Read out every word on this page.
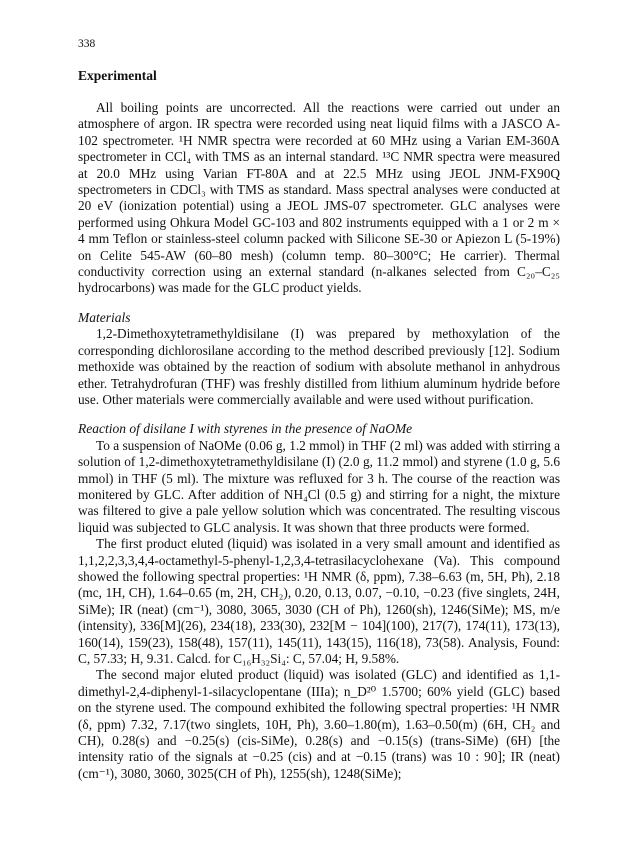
338
Experimental

All boiling points are uncorrected. All the reactions were carried out under an atmosphere of argon. IR spectra were recorded using neat liquid films with a JASCO A-102 spectrometer. ¹H NMR spectra were recorded at 60 MHz using a Varian EM-360A spectrometer in CCl₄ with TMS as an internal standard. ¹³C NMR spectra were measured at 20.0 MHz using Varian FT-80A and at 22.5 MHz using JEOL JNM-FX90Q spectrometers in CDCl₃ with TMS as standard. Mass spectral analyses were conducted at 20 eV (ionization potential) using a JEOL JMS-07 spectrometer. GLC analyses were performed using Ohkura Model GC-103 and 802 instruments equipped with a 1 or 2 m × 4 mm Teflon or stainless-steel column packed with Silicone SE-30 or Apiezon L (5-19%) on Celite 545-AW (60–80 mesh) (column temp. 80–300°C; He carrier). Thermal conductivity correction using an external standard (n-alkanes selected from C₂₀–C₂₅ hydrocarbons) was made for the GLC product yields.

Materials

1,2-Dimethoxytetramethyldisilane (I) was prepared by methoxylation of the corresponding dichlorosilane according to the method described previously [12]. Sodium methoxide was obtained by the reaction of sodium with absolute methanol in anhydrous ether. Tetrahydrofuran (THF) was freshly distilled from lithium aluminum hydride before use. Other materials were commercially available and were used without purification.

Reaction of disilane I with styrenes in the presence of NaOMe

To a suspension of NaOMe (0.06 g, 1.2 mmol) in THF (2 ml) was added with stirring a solution of 1,2-dimethoxytetramethyldisilane (I) (2.0 g, 11.2 mmol) and styrene (1.0 g, 5.6 mmol) in THF (5 ml). The mixture was refluxed for 3 h. The course of the reaction was monitered by GLC. After addition of NH₄Cl (0.5 g) and stirring for a night, the mixture was filtered to give a pale yellow solution which was concentrated. The resulting viscous liquid was subjected to GLC analysis. It was shown that three products were formed.

The first product eluted (liquid) was isolated in a very small amount and identified as 1,1,2,2,3,3,4,4-octamethyl-5-phenyl-1,2,3,4-tetrasilacyclohexane (Va). This compound showed the following spectral properties: ¹H NMR (δ, ppm), 7.38–6.63 (m, 5H, Ph), 2.18 (mc, 1H, CH), 1.64–0.65 (m, 2H, CH₂), 0.20, 0.13, 0.07, −0.10, −0.23 (five singlets, 24H, SiMe); IR (neat) (cm⁻¹), 3080, 3065, 3030 (CH of Ph), 1260(sh), 1246(SiMe); MS, m/e (intensity), 336[M](26), 234(18), 233(30), 232[M − 104](100), 217(7), 174(11), 173(13), 160(14), 159(23), 158(48), 157(11), 145(11), 143(15), 116(18), 73(58). Analysis, Found: C, 57.33; H, 9.31. Calcd. for C₁₆H₃₂Si₄: C, 57.04; H, 9.58%.

The second major eluted product (liquid) was isolated (GLC) and identified as 1,1-dimethyl-2,4-diphenyl-1-silacyclopentane (IIIa); n_D²⁰ 1.5700; 60% yield (GLC) based on the styrene used. The compound exhibited the following spectral properties: ¹H NMR (δ, ppm) 7.32, 7.17(two singlets, 10H, Ph), 3.60–1.80(m), 1.63–0.50(m) (6H, CH₂ and CH), 0.28(s) and −0.25(s) (cis-SiMe), 0.28(s) and −0.15(s) (trans-SiMe) (6H) [the intensity ratio of the signals at −0.25 (cis) and at −0.15 (trans) was 10 : 90]; IR (neat) (cm⁻¹), 3080, 3060, 3025(CH of Ph), 1255(sh), 1248(SiMe);
